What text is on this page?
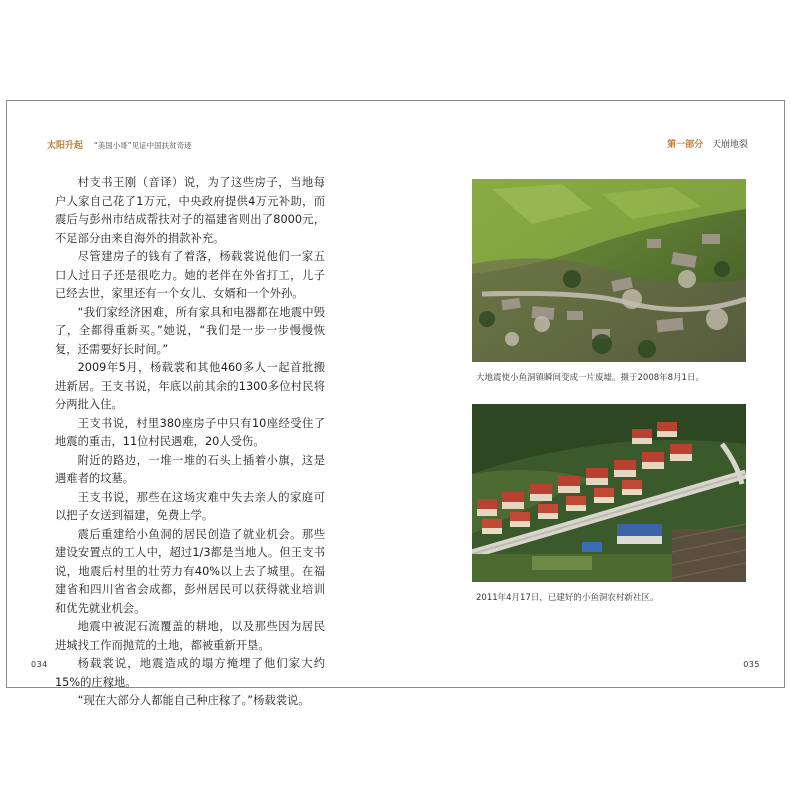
太阳升起 “美国小哥”见证中国扶贫奇迹	第一部分 天崩地裂

村支书王刚（音译）说，为了这些房子，当地每户人家自己花了1万元，中央政府提供4万元补助，而震后与彭州市结成帮扶对子的福建省则出了8000元，不足部分由来自海外的捐款补充。

尽管建房子的钱有了着落，杨载裳说他们一家五口人过日子还是很吃力。她的老伴在外省打工，儿子已经去世，家里还有一个女儿、女婿和一个外孙。

“我们家经济困难，所有家具和电器都在地震中毁了，全都得重新买。”她说，“我们是一步一步慢慢恢复，还需要好长时间。”

2009年5月，杨载裳和其他460多人一起首批搬进新居。王支书说，年底以前其余的1300多位村民将分两批入住。

王支书说，村里380座房子中只有10座经受住了地震的重击，11位村民遇难，20人受伤。

附近的路边，一堆一堆的石头上插着小旗，这是遇难者的坟墓。

王支书说，那些在这场灾难中失去亲人的家庭可以把子女送到福建，免费上学。

震后重建给小鱼洞的居民创造了就业机会。那些建设安置点的工人中，超过1/3都是当地人。但王支书说，地震后村里的壮劳力有40%以上去了城里。在福建省和四川省省会成都，彭州居民可以获得就业培训和优先就业机会。

地震中被泥石流覆盖的耕地，以及那些因为居民进城找工作而抛荒的土地，都被重新开垦。

杨载裳说，地震造成的塌方掩埋了他们家大约15%的庄稼地。

“现在大部分人都能自己种庄稼了。”杨载裳说。

大地震使小鱼洞镇瞬间变成一片废墟。摄于2008年8月1日。
2011年4月17日，已建好的小鱼洞农村新社区。
034	035
